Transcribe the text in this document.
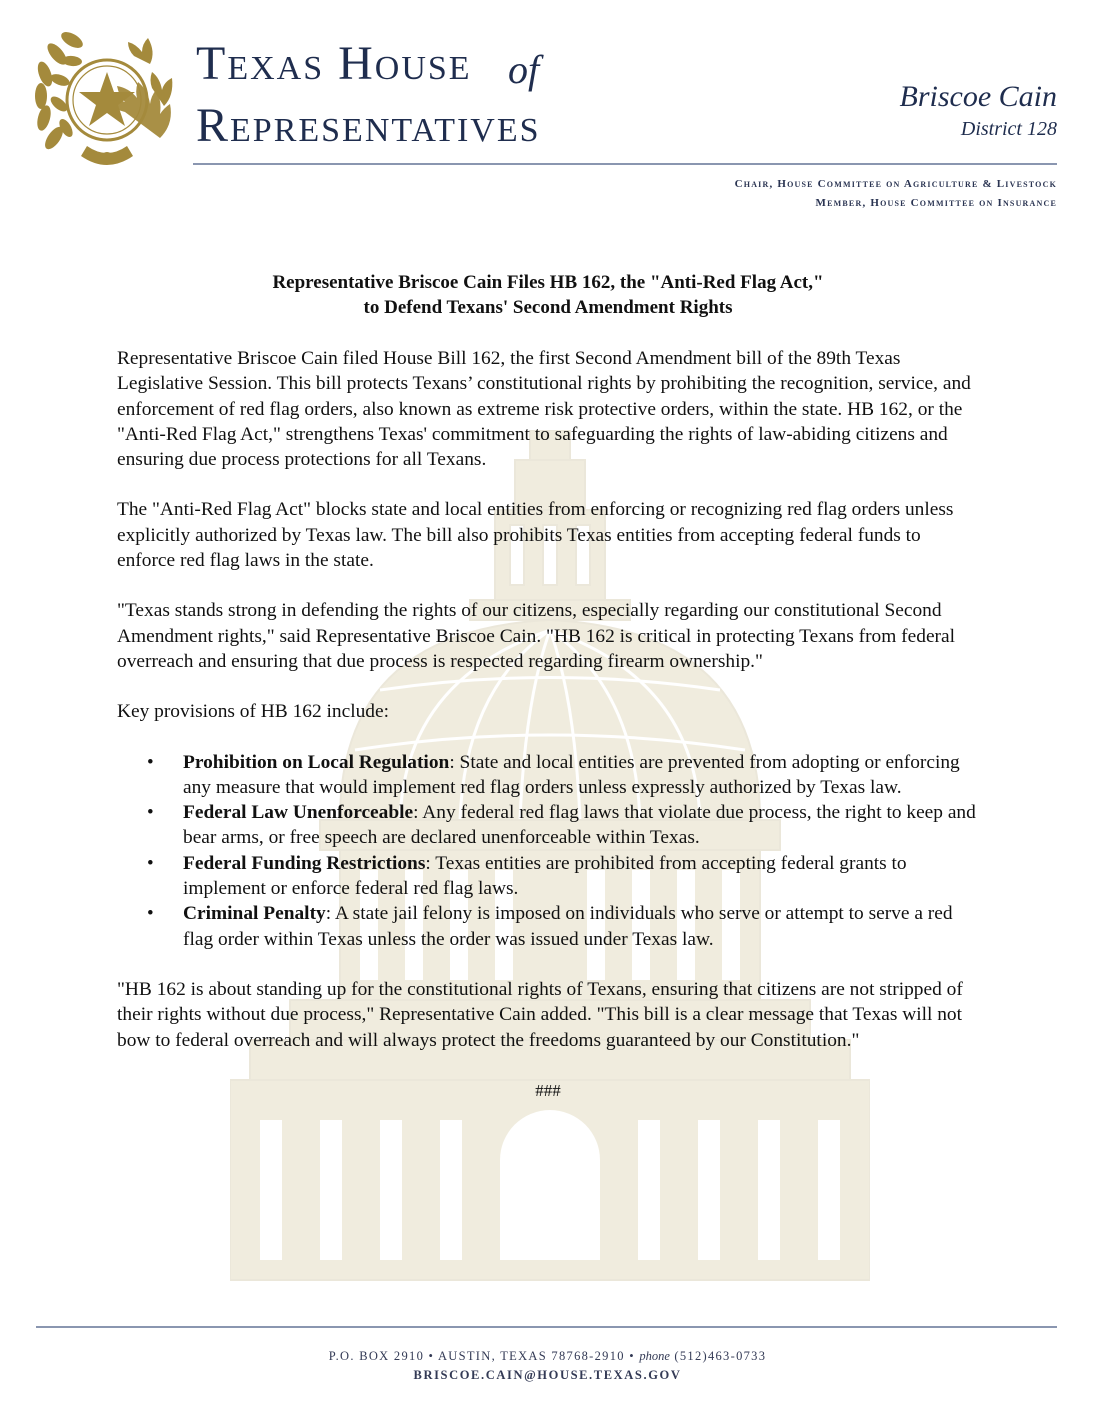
Texas House of
Representatives
Briscoe Cain
District 128
Chair, House Committee on Agriculture & Livestock
Member, House Committee on Insurance
Representative Briscoe Cain Files HB 162, the "Anti-Red Flag Act,"
to Defend Texans' Second Amendment Rights

Representative Briscoe Cain filed House Bill 162, the first Second Amendment bill of the 89th Texas Legislative Session. This bill protects Texans’ constitutional rights by prohibiting the recognition, service, and enforcement of red flag orders, also known as extreme risk protective orders, within the state. HB 162, or the "Anti-Red Flag Act," strengthens Texas' commitment to safeguarding the rights of law-abiding citizens and ensuring due process protections for all Texans.

The "Anti-Red Flag Act" blocks state and local entities from enforcing or recognizing red flag orders unless explicitly authorized by Texas law. The bill also prohibits Texas entities from accepting federal funds to enforce red flag laws in the state.

"Texas stands strong in defending the rights of our citizens, especially regarding our constitutional Second Amendment rights," said Representative Briscoe Cain. "HB 162 is critical in protecting Texans from federal overreach and ensuring that due process is respected regarding firearm ownership."

Key provisions of HB 162 include:

• Prohibition on Local Regulation: State and local entities are prevented from adopting or enforcing any measure that would implement red flag orders unless expressly authorized by Texas law.
• Federal Law Unenforceable: Any federal red flag laws that violate due process, the right to keep and bear arms, or free speech are declared unenforceable within Texas.
• Federal Funding Restrictions: Texas entities are prohibited from accepting federal grants to implement or enforce federal red flag laws.
• Criminal Penalty: A state jail felony is imposed on individuals who serve or attempt to serve a red flag order within Texas unless the order was issued under Texas law.

"HB 162 is about standing up for the constitutional rights of Texans, ensuring that citizens are not stripped of their rights without due process," Representative Cain added. "This bill is a clear message that Texas will not bow to federal overreach and will always protect the freedoms guaranteed by our Constitution."

###
P.O. BOX 2910 • AUSTIN, TEXAS 78768-2910 • phone (512)463-0733
BRISCOE.CAIN@HOUSE.TEXAS.GOV
